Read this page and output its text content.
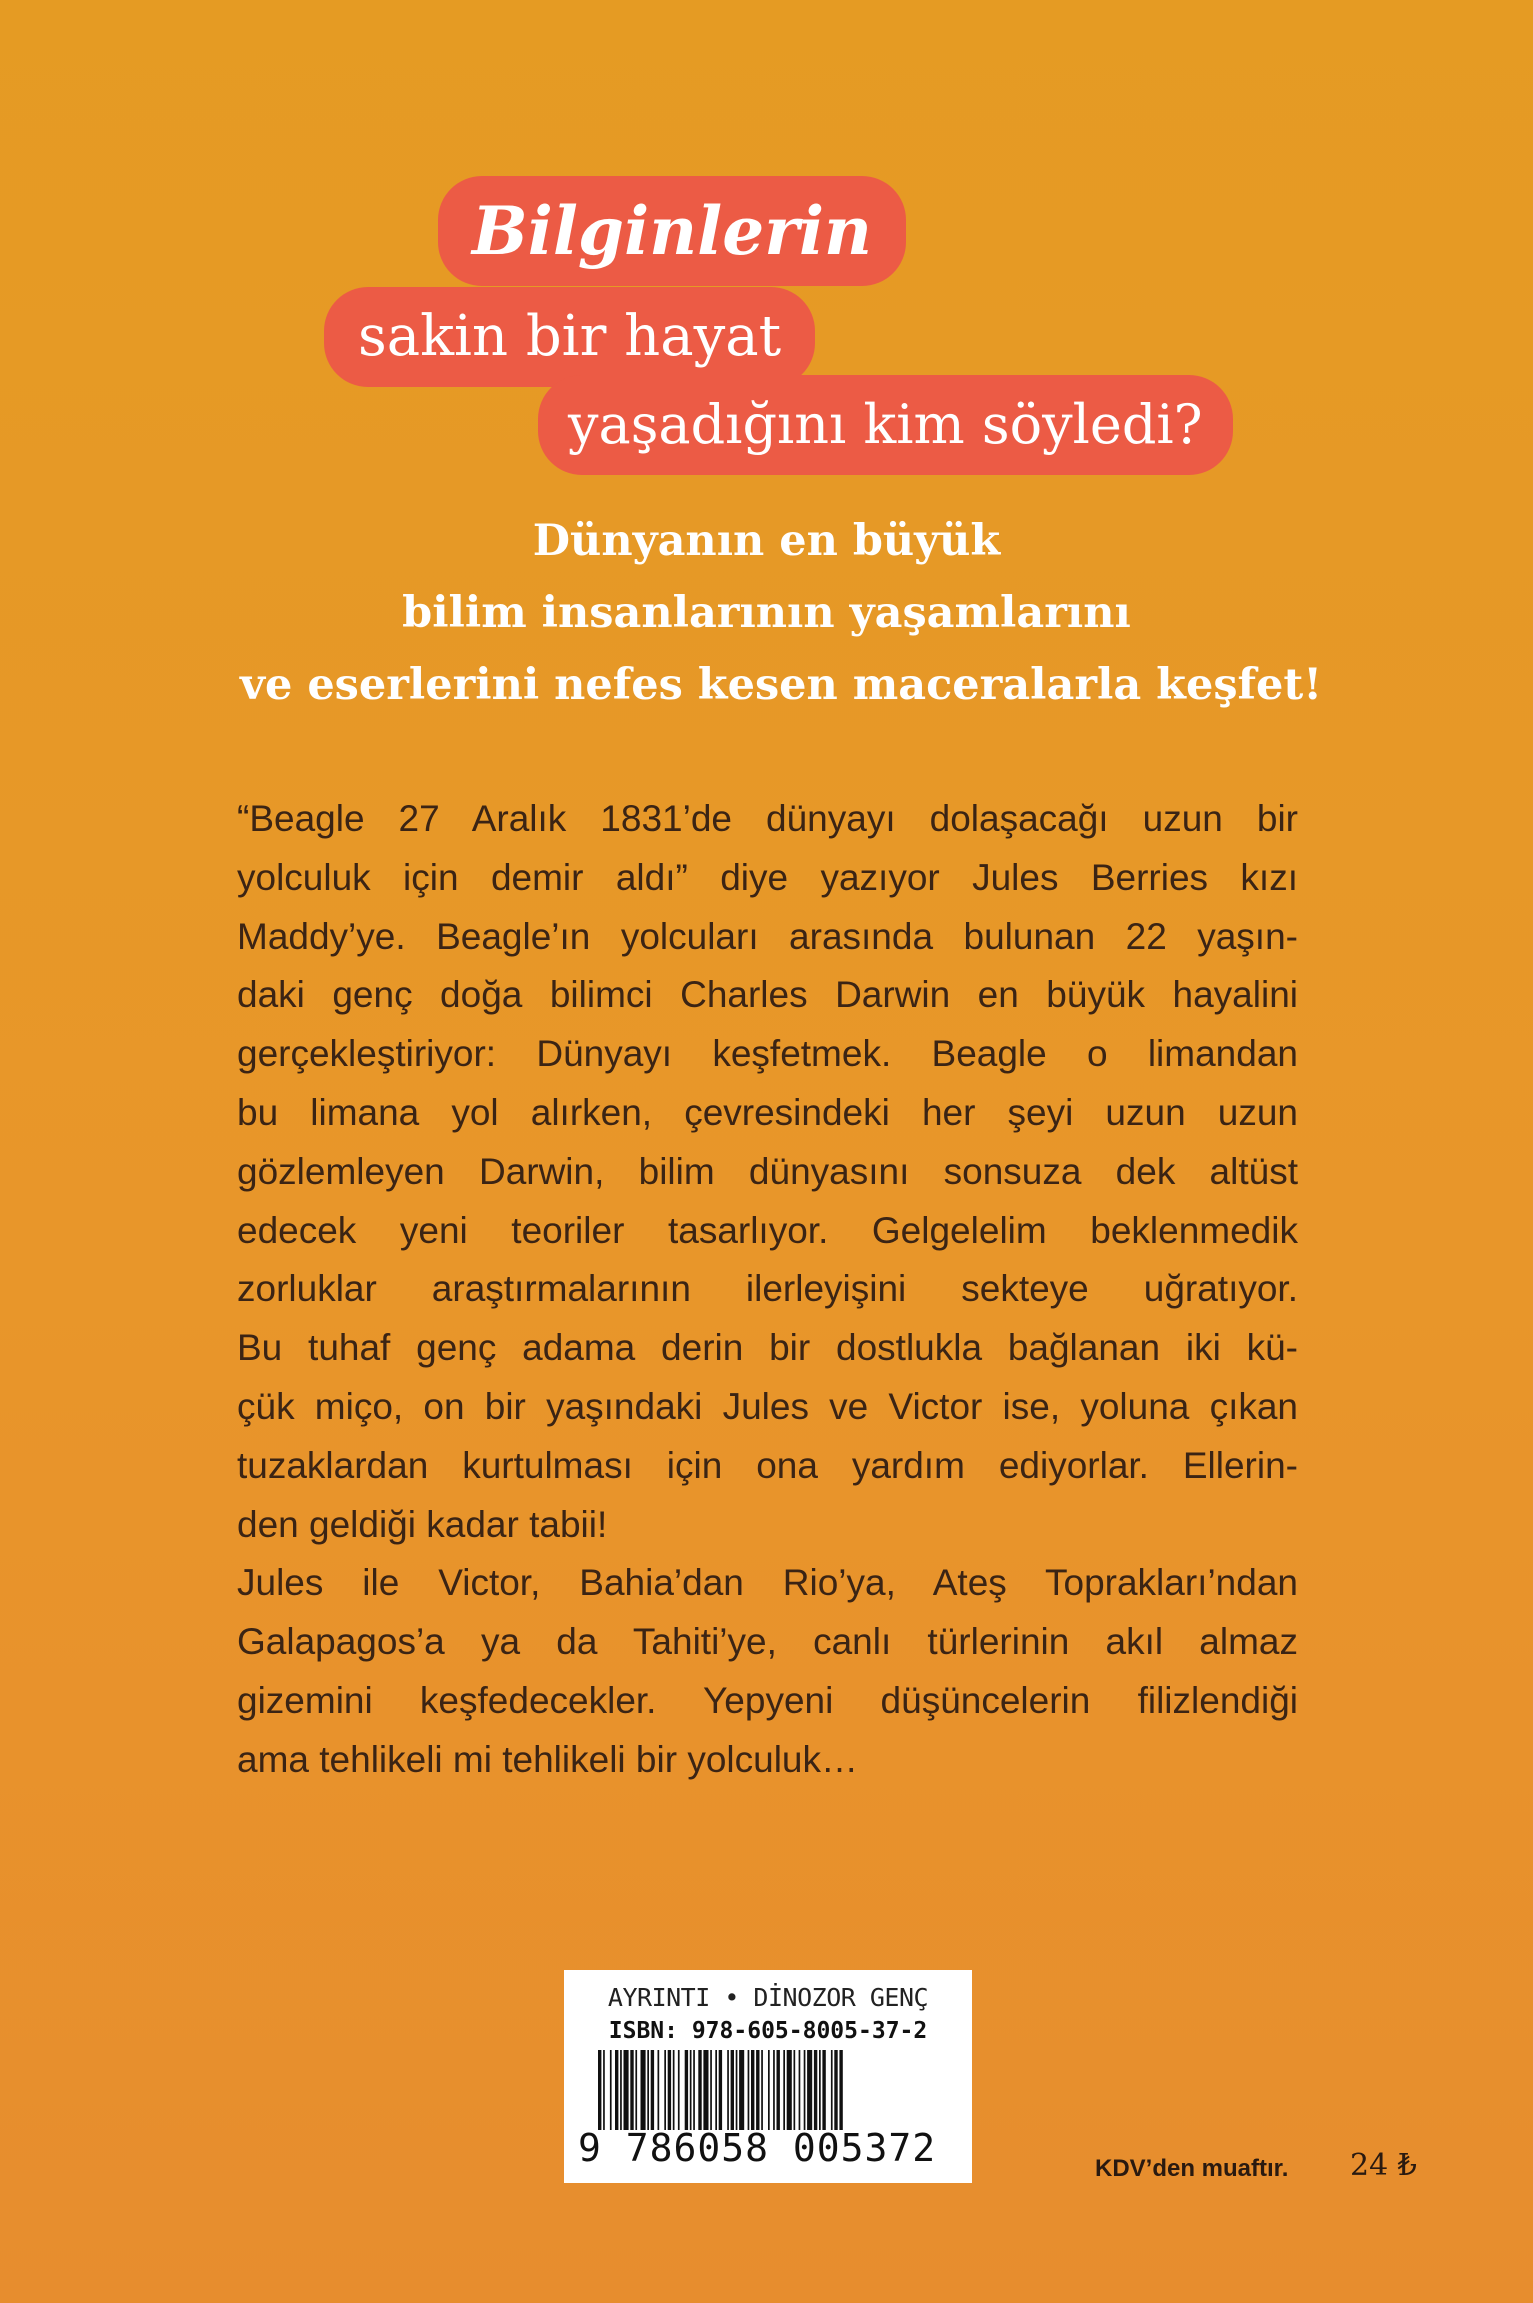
Bilginlerin
sakin bir hayat
yaşadığını kim söyledi?
Dünyanın en büyük
bilim insanlarının yaşamlarını
ve eserlerini nefes kesen maceralarla keşfet!
“Beagle 27 Aralık 1831’de dünyayı dolaşacağı uzun bir
yolculuk için demir aldı” diye yazıyor Jules Berries kızı
Maddy’ye. Beagle’ın yolcuları arasında bulunan 22 yaşın-
daki genç doğa bilimci Charles Darwin en büyük hayalini
gerçekleştiriyor: Dünyayı keşfetmek. Beagle o limandan
bu limana yol alırken, çevresindeki her şeyi uzun uzun
gözlemleyen Darwin, bilim dünyasını sonsuza dek altüst
edecek yeni teoriler tasarlıyor. Gelgelelim beklenmedik
zorluklar araştırmalarının ilerleyişini sekteye uğratıyor.
Bu tuhaf genç adama derin bir dostlukla bağlanan iki kü-
çük miço, on bir yaşındaki Jules ve Victor ise, yoluna çıkan
tuzaklardan kurtulması için ona yardım ediyorlar. Ellerin-
den geldiği kadar tabii!
Jules ile Victor, Bahia’dan Rio’ya, Ateş Toprakları’ndan
Galapagos’a ya da Tahiti’ye, canlı türlerinin akıl almaz
gizemini keşfedecekler. Yepyeni düşüncelerin filizlendiği
ama tehlikeli mi tehlikeli bir yolculuk…
AYRINTI • DİNOZOR GENÇ
ISBN: 978-605-8005-37-2
9 786058 005372	KDV’den muaftır. 24 ₺
